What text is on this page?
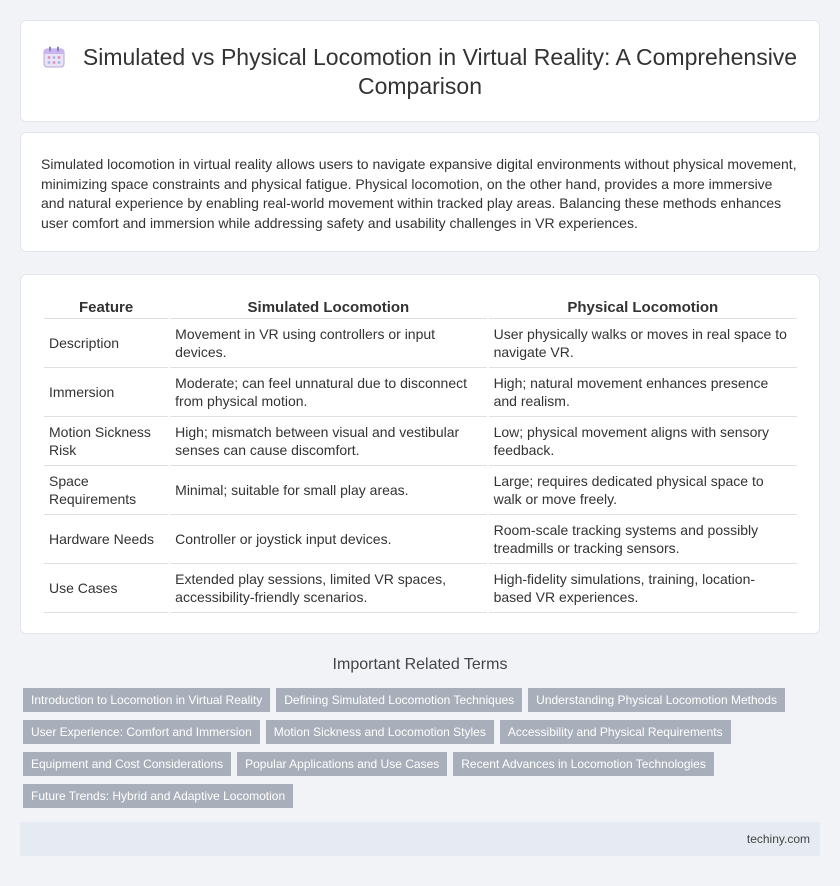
Simulated vs Physical Locomotion in Virtual Reality: A Comprehensive Comparison

Simulated locomotion in virtual reality allows users to navigate expansive digital environments without physical movement, minimizing space constraints and physical fatigue. Physical locomotion, on the other hand, provides a more immersive and natural experience by enabling real-world movement within tracked play areas. Balancing these methods enhances user comfort and immersion while addressing safety and usability challenges in VR experiences.

Feature	Simulated Locomotion	Physical Locomotion
Description	Movement in VR using controllers or input devices.	User physically walks or moves in real space to navigate VR.
Immersion	Moderate; can feel unnatural due to disconnect from physical motion.	High; natural movement enhances presence and realism.
Motion Sickness Risk	High; mismatch between visual and vestibular senses can cause discomfort.	Low; physical movement aligns with sensory feedback.
Space Requirements	Minimal; suitable for small play areas.	Large; requires dedicated physical space to walk or move freely.
Hardware Needs	Controller or joystick input devices.	Room-scale tracking systems and possibly treadmills or tracking sensors.
Use Cases	Extended play sessions, limited VR spaces, accessibility-friendly scenarios.	High-fidelity simulations, training, location-based VR experiences.
Important Related Terms
Introduction to Locomotion in Virtual Reality Defining Simulated Locomotion Techniques Understanding Physical Locomotion MethodsUser Experience: Comfort and Immersion Motion Sickness and Locomotion Styles Accessibility and Physical RequirementsEquipment and Cost Considerations Popular Applications and Use Cases Recent Advances in Locomotion TechnologiesFuture Trends: Hybrid and Adaptive Locomotion
techiny.com
